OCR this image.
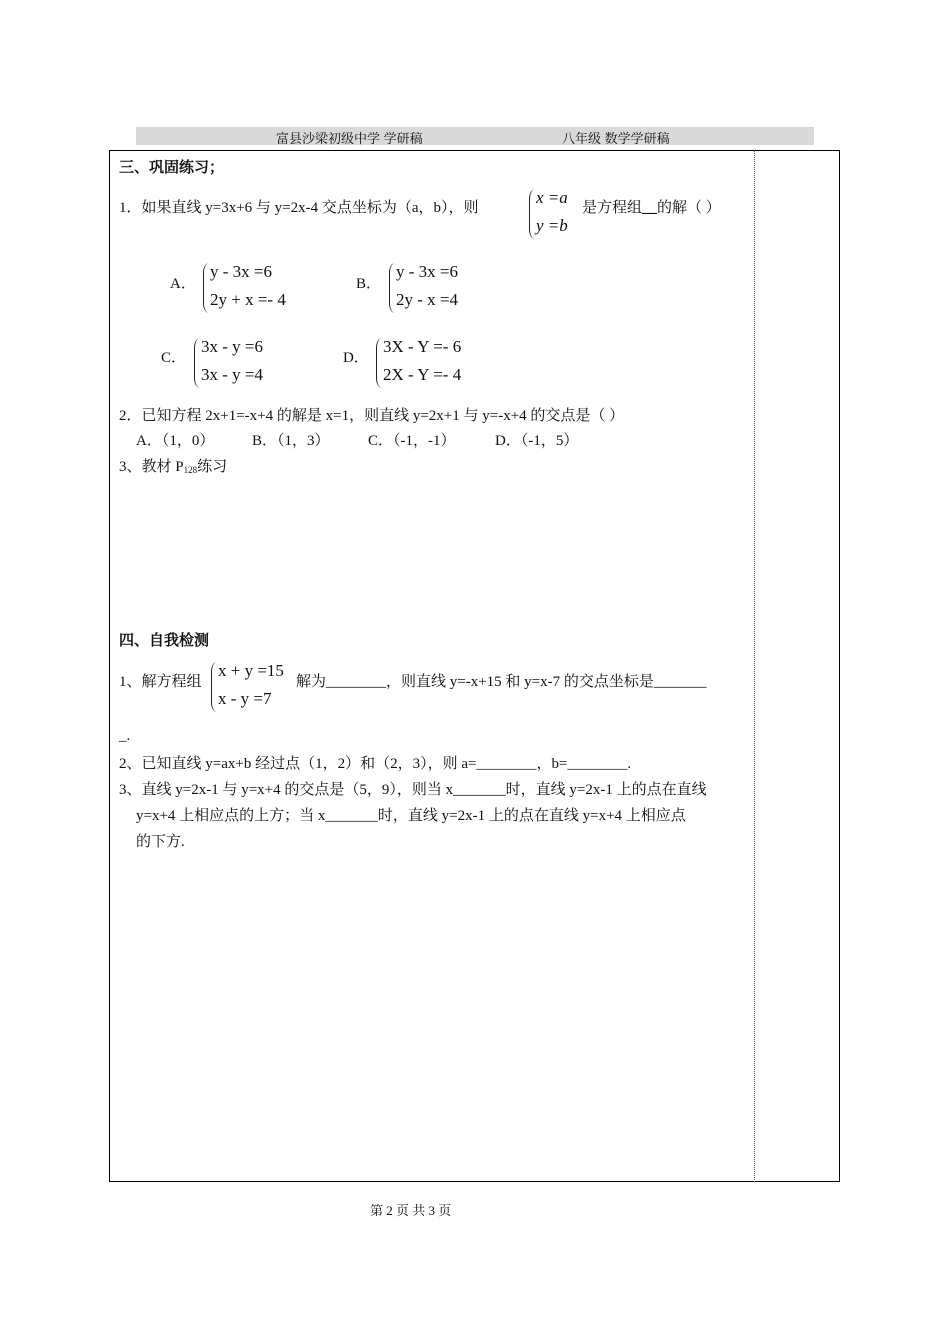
富县沙梁初级中学 学研稿	八年级 数学学研稿
三、巩固练习；
1．如果直线 y=3x+6 与 y=2x-4 交点坐标为（a，b），则
x =a
y =b
是方程组__的解（ ）
A．
y - 3x =6
2y + x =- 4
B．
y - 3x =6
2y - x =4
C．
3x - y =6
3x - y =4
D．
3X - Y =- 6
2X - Y =- 4
2．已知方程 2x+1=-x+4 的解是 x=1，则直线 y=2x+1 与 y=-x+4 的交点是（ ）
A．（1，0）	B．（1，3）	C．（-1，-1）	D．（-1，5）
3、教材 $P_{128}$练习
四、自我检测
1、解方程组
x + y =15
x - y =7
解为________，则直线 y=-x+15 和 y=x-7 的交点坐标是_______
_.
2、已知直线 y=ax+b 经过点（1，2）和（2，3），则 a=________，b=________.
3、直线 y=2x-1 与 y=x+4 的交点是（5，9），则当 x_______时，直线 y=2x-1 上的点在直线
y=x+4 上相应点的上方；当 x_______时，直线 y=2x-1 上的点在直线 y=x+4 上相应点
的下方.
第 2 页 共 3 页
